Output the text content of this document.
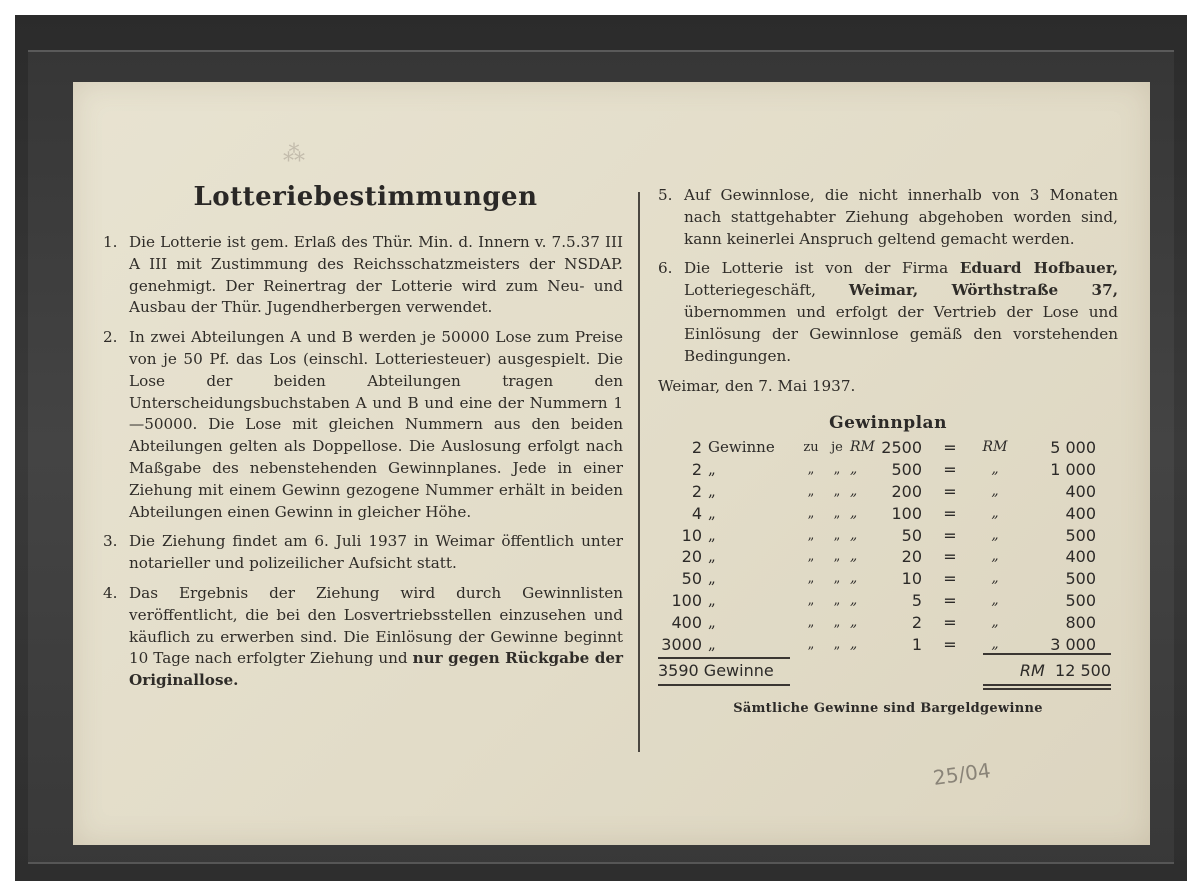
⁂
Lotteriebestimmungen
1. Die Lotterie ist gem. Erlaß des Thür. Min. d. Innern v. 7.5.37 III A III mit Zustimmung des Reichsschatzmeisters der NSDAP. genehmigt. Der Reinertrag der Lotterie wird zum Neu- und Ausbau der Thür. Jugendherbergen verwendet.
2. In zwei Abteilungen A und B werden je 50000 Lose zum Preise von je 50 Pf. das Los (einschl. Lotteriesteuer) ausgespielt. Die Lose der beiden Abteilungen tragen den Unterscheidungsbuchstaben A und B und eine der Nummern 1—50000. Die Lose mit gleichen Nummern aus den beiden Abteilungen gelten als Doppellose. Die Auslosung erfolgt nach Maßgabe des nebenstehenden Gewinnplanes. Jede in einer Ziehung mit einem Gewinn gezogene Nummer erhält in beiden Abteilungen einen Gewinn in gleicher Höhe.
3. Die Ziehung findet am 6. Juli 1937 in Weimar öffentlich unter notarieller und polizeilicher Aufsicht statt.
4. Das Ergebnis der Ziehung wird durch Gewinnlisten veröffentlicht, die bei den Losvertriebsstellen einzusehen und käuflich zu erwerben sind. Die Einlösung der Gewinne beginnt 10 Tage nach erfolgter Ziehung und nur gegen Rückgabe der Originallose.
5. Auf Gewinnlose, die nicht innerhalb von 3 Monaten nach stattgehabter Ziehung abgehoben worden sind, kann keinerlei Anspruch geltend gemacht werden.
6. Die Lotterie ist von der Firma Eduard Hofbauer, Lotteriegeschäft, Weimar, Wörthstraße 37, übernommen und erfolgt der Vertrieb der Lose und Einlösung der Gewinnlose gemäß den vorstehenden Bedingungen.
Weimar, den 7. Mai 1937.
Gewinnplan
2	Gewinne	zu	je	RM	2500	=	RM	5 000
2	„	„	„	„	500	=	„	1 000
2	„	„	„	„	200	=	„	400
4	„	„	„	„	100	=	„	400
10	„	„	„	„	50	=	„	500
20	„	„	„	„	20	=	„	400
50	„	„	„	„	10	=	„	500
100	„	„	„	„	5	=	„	500
400	„	„	„	„	2	=	„	800
3000	„	„	„	„	1	=	„	3 000
3590 Gewinne	RM 12 500
Sämtliche Gewinne sind Bargeldgewinne
25/04
